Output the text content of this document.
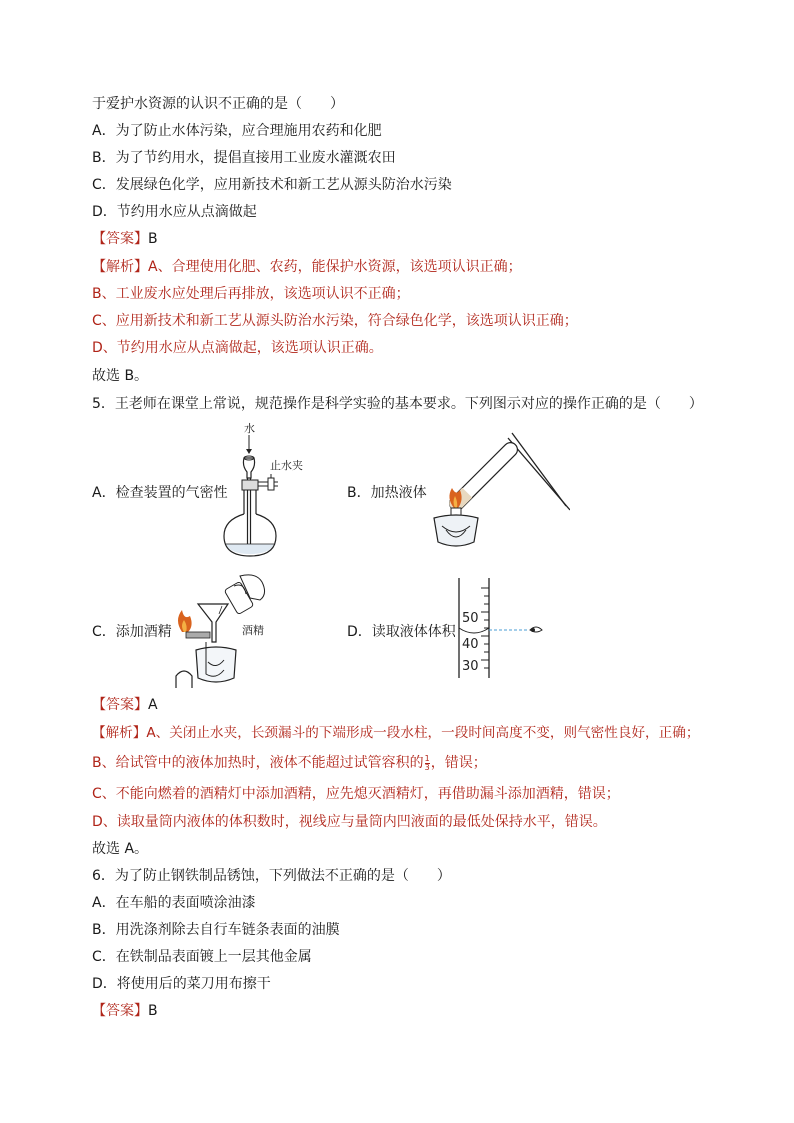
于爱护水资源的认识不正确的是（　　）
A．为了防止水体污染，应合理施用农药和化肥
B．为了节约用水，提倡直接用工业废水灌溉农田
C．发展绿色化学，应用新技术和新工艺从源头防治水污染
D．节约用水应从点滴做起
【答案】B
【解析】A、合理使用化肥、农药，能保护水资源，该选项认识正确；
B、工业废水应处理后再排放，该选项认识不正确；
C、应用新技术和新工艺从源头防治水污染，符合绿色化学，该选项认识正确；
D、节约用水应从点滴做起，该选项认识正确。
故选 B。
5．王老师在课堂上常说，规范操作是科学实验的基本要求。下列图示对应的操作正确的是（　　）
A．检查装置的气密性
水
止水夹
B．加热液体
C．添加酒精	酒精	D．读取液体体积
50
40
30
【答案】A
【解析】A、关闭止水夹，长颈漏斗的下端形成一段水柱，一段时间高度不变，则气密性良好，正确；
B、给试管中的液体加热时，液体不能超过试管容积的 $\frac{1}{3}$ ，错误；
C、不能向燃着的酒精灯中添加酒精，应先熄灭酒精灯，再借助漏斗添加酒精，错误；
D、读取量筒内液体的体积数时，视线应与量筒内凹液面的最低处保持水平，错误。
故选 A。
6．为了防止钢铁制品锈蚀，下列做法不正确的是（　　）
A．在车船的表面喷涂油漆
B．用洗涤剂除去自行车链条表面的油膜
C．在铁制品表面镀上一层其他金属
D．将使用后的菜刀用布擦干
【答案】B
